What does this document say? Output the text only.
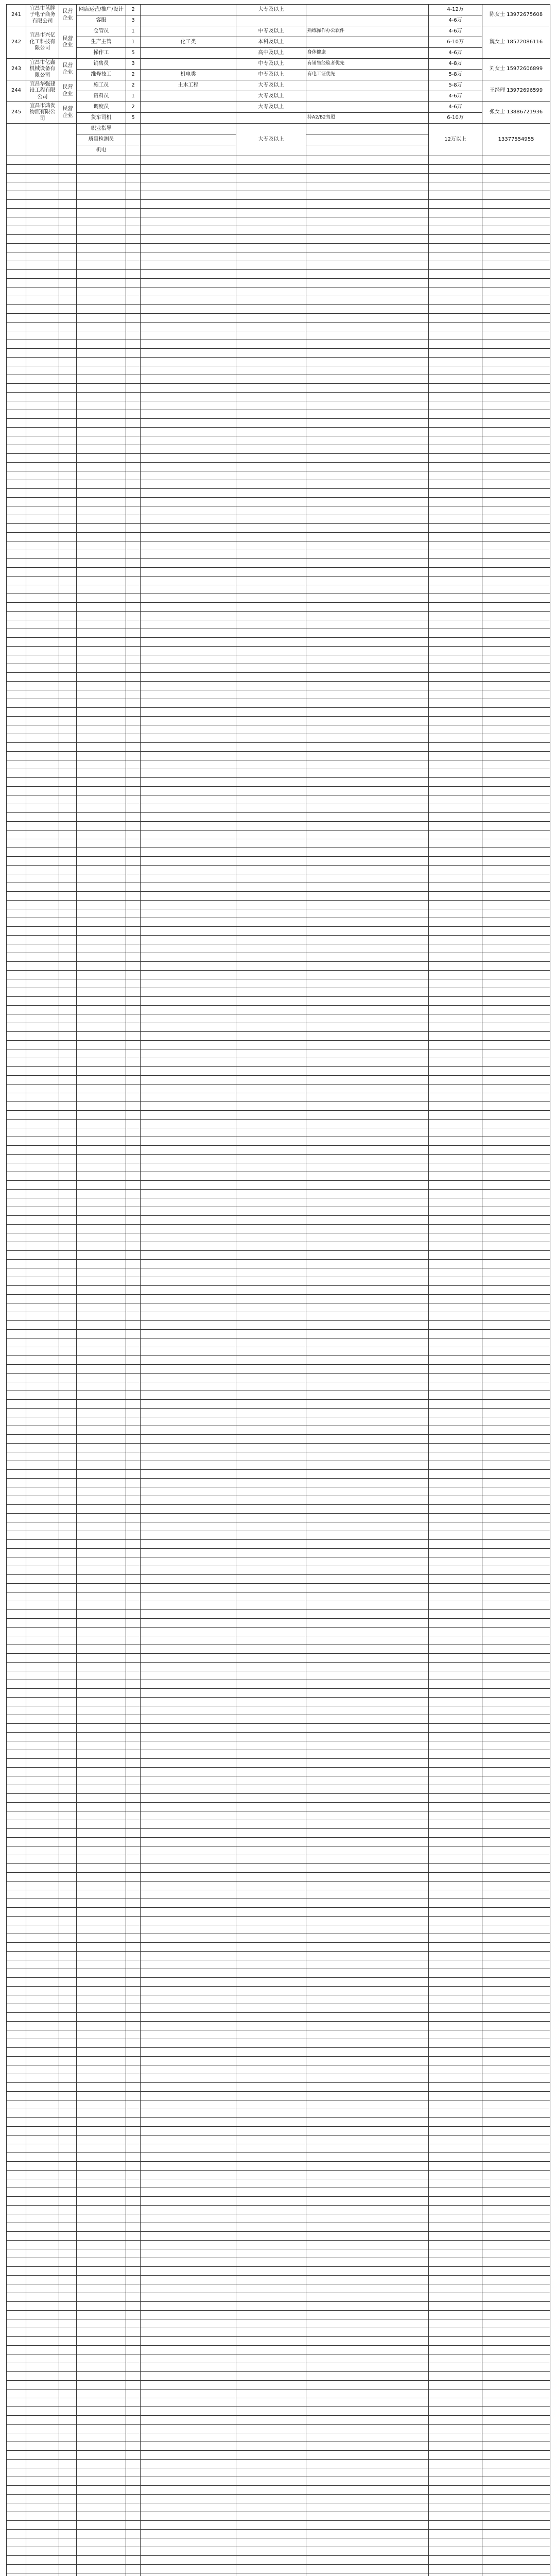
241	宜昌市蓝胖子电子商务有限公司	民营企业	网店运营/推广/设计	2		大专及以上		4-12万	陈女士 13972675608
			客服	3				4-6万	
242	宜昌市兴亿化工科技有限公司	民营企业	仓管员	1		中专及以上	熟练操作办公软件	4-6万	魏女士 18572086116
			生产主管	1	化工类	本科及以上		6-10万	
			操作工	5		高中及以上	身体健康	4-6万	
243	宜昌市亿鑫机械设备有限公司	民营企业	销售员	3		中专及以上	有销售经验者优先	4-8万	刘女士 15972606899
			维修技工	2	机电类	中专及以上	有电工证优先	5-8万	
244	宜昌华强建设工程有限公司	民营企业	施工员	2	土木工程	大专及以上		5-8万	王经理 13972696599
			资料员	1		大专及以上		4-6万	
245	宜昌市鸿发物流有限公司	民营企业	调度员	2		大专及以上		4-6万	张女士 13886721936
			货车司机	5			持A2/B2驾照	6-10万	
			职业指导			大专及以上		12万以上	13377554955
			质量检测员						
			机电						
